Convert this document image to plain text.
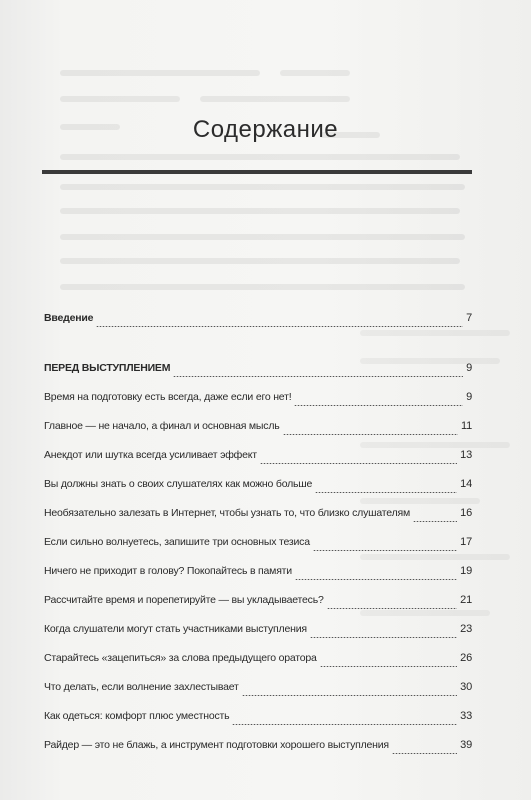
Содержание
Введение	7
ПЕРЕД ВЫСТУПЛЕНИЕМ	9
Время на подготовку есть всегда, даже если его нет!	9
Главное — не начало, а финал и основная мысль	11
Анекдот или шутка всегда усиливает эффект	13
Вы должны знать о своих слушателях как можно больше	14
Необязательно залезать в Интернет, чтобы узнать то, что близко слушателям	16
Если сильно волнуетесь, запишите три основных тезиса	17
Ничего не приходит в голову? Покопайтесь в памяти	19
Рассчитайте время и порепетируйте — вы укладываетесь?	21
Когда слушатели могут стать участниками выступления	23
Старайтесь «зацепиться» за слова предыдущего оратора	26
Что делать, если волнение захлестывает	30
Как одеться: комфорт плюс уместность	33
Райдер — это не блажь, а инструмент подготовки хорошего выступления	39
